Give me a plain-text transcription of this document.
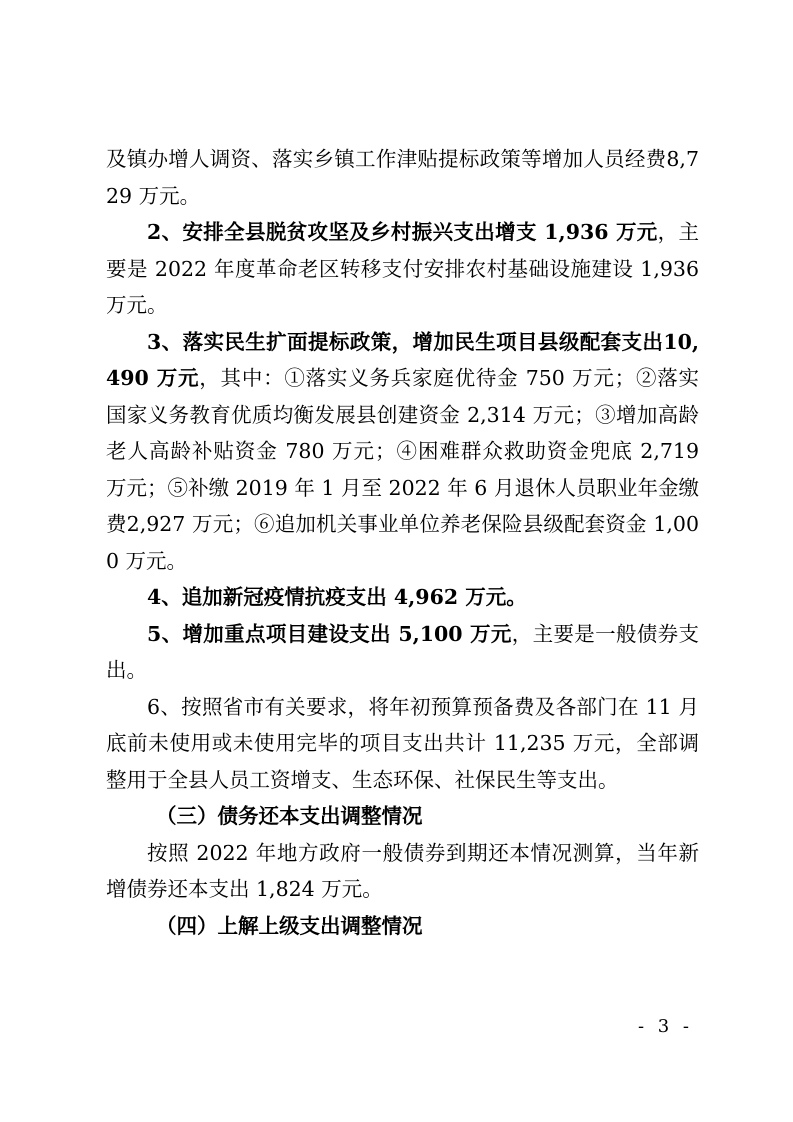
及镇办增人调资、落实乡镇工作津贴提标政策等增加人员经费8,729 万元。

2、安排全县脱贫攻坚及乡村振兴支出增支 1,936 万元，主要是 2022 年度革命老区转移支付安排农村基础设施建设 1,936 万元。

3、落实民生扩面提标政策，增加民生项目县级配套支出10,490 万元，其中：①落实义务兵家庭优待金 750 万元；②落实国家义务教育优质均衡发展县创建资金 2,314 万元；③增加高龄老人高龄补贴资金 780 万元；④困难群众救助资金兜底 2,719 万元；⑤补缴 2019 年 1 月至 2022 年 6 月退休人员职业年金缴费2,927 万元；⑥追加机关事业单位养老保险县级配套资金 1,000 万元。

4、追加新冠疫情抗疫支出 4,962 万元。

5、增加重点项目建设支出 5,100 万元，主要是一般债券支出。

6、按照省市有关要求，将年初预算预备费及各部门在 11 月底前未使用或未使用完毕的项目支出共计 11,235 万元，全部调整用于全县人员工资增支、生态环保、社保民生等支出。

（三）债务还本支出调整情况

按照 2022 年地方政府一般债券到期还本情况测算，当年新增债券还本支出 1,824 万元。

（四）上解上级支出调整情况

- 3 -
